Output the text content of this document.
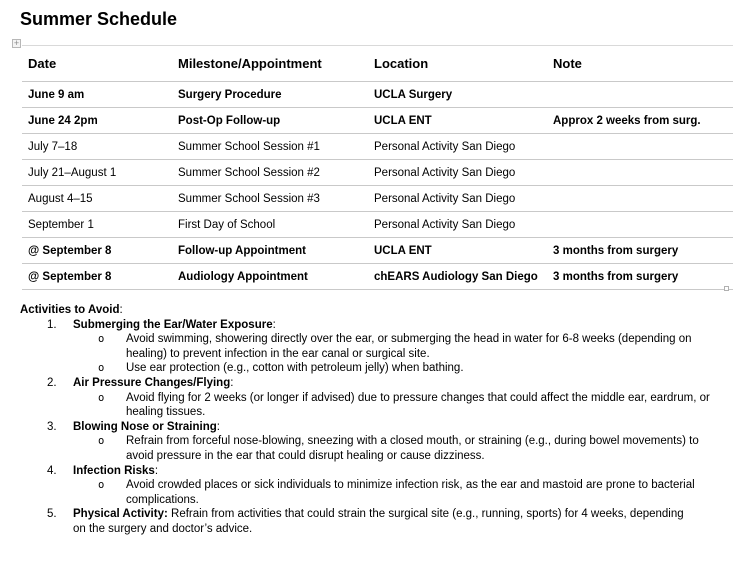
Summer Schedule
+
Date	Milestone/Appointment	Location	Note
June 9 am	Surgery Procedure	UCLA Surgery	
June 24 2pm	Post-Op Follow-up	UCLA ENT	Approx 2 weeks from surg.
July 7–18	Summer School Session #1	Personal Activity San Diego	
July 21–August 1	Summer School Session #2	Personal Activity San Diego	
August 4–15	Summer School Session #3	Personal Activity San Diego	
September 1	First Day of School	Personal Activity San Diego	
@ September 8	Follow-up Appointment	UCLA ENT	3 months from surgery
@ September 8	Audiology Appointment	chEARS Audiology San Diego	3 months from surgery
Activities to Avoid:
1.	Submerging the Ear/Water Exposure:
o	Avoid swimming, showering directly over the ear, or submerging the head in water for 6-8 weeks (depending on healing) to prevent infection in the ear canal or surgical site.
o	Use ear protection (e.g., cotton with petroleum jelly) when bathing.
2.	Air Pressure Changes/Flying:
o	Avoid flying for 2 weeks (or longer if advised) due to pressure changes that could affect the middle ear, eardrum, or healing tissues.
3.	Blowing Nose or Straining:
o	Refrain from forceful nose-blowing, sneezing with a closed mouth, or straining (e.g., during bowel movements) to avoid pressure in the ear that could disrupt healing or cause dizziness.
4.	Infection Risks:
o	Avoid crowded places or sick individuals to minimize infection risk, as the ear and mastoid are prone to bacterial complications.
5.	Physical Activity: Refrain from activities that could strain the surgical site (e.g., running, sports) for 4 weeks, depending on the surgery and doctor’s advice.
